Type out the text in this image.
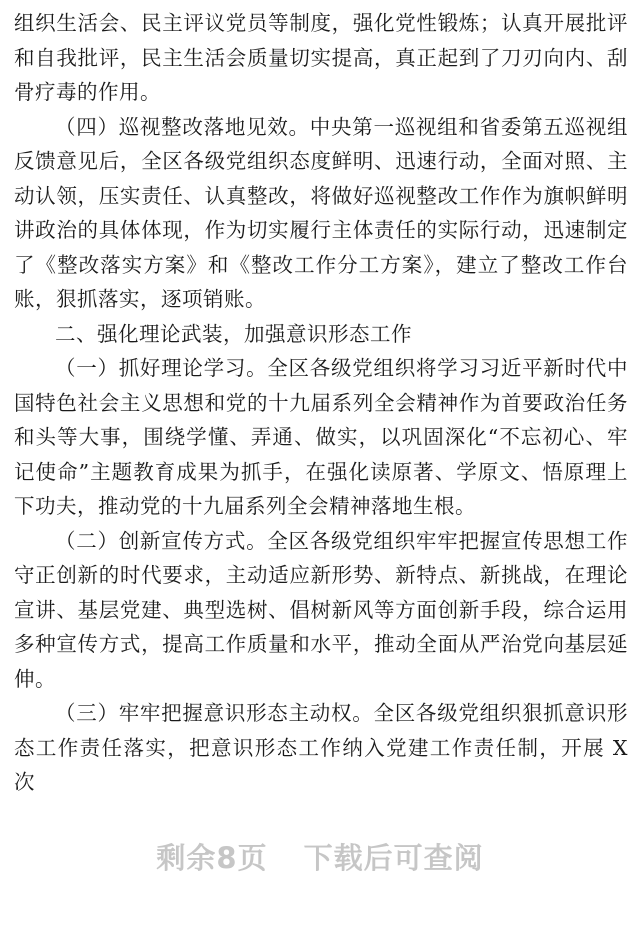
组织生活会、民主评议党员等制度，强化党性锻炼；认真开展批评和自我批评，民主生活会质量切实提高，真正起到了刀刃向内、刮骨疗毒的作用。

（四）巡视整改落地见效。中央第一巡视组和省委第五巡视组反馈意见后，全区各级党组织态度鲜明、迅速行动，全面对照、主动认领，压实责任、认真整改，将做好巡视整改工作作为旗帜鲜明讲政治的具体体现，作为切实履行主体责任的实际行动，迅速制定了《整改落实方案》和《整改工作分工方案》，建立了整改工作台账，狠抓落实，逐项销账。

二、强化理论武装，加强意识形态工作

（一）抓好理论学习。全区各级党组织将学习习近平新时代中国特色社会主义思想和党的十九届系列全会精神作为首要政治任务和头等大事，围绕学懂、弄通、做实，以巩固深化“不忘初心、牢记使命”主题教育成果为抓手，在强化读原著、学原文、悟原理上下功夫，推动党的十九届系列全会精神落地生根。

（二）创新宣传方式。全区各级党组织牢牢把握宣传思想工作守正创新的时代要求，主动适应新形势、新特点、新挑战，在理论宣讲、基层党建、典型选树、倡树新风等方面创新手段，综合运用多种宣传方式，提高工作质量和水平，推动全面从严治党向基层延伸。

（三）牢牢把握意识形态主动权。全区各级党组织狠抓意识形态工作责任落实，把意识形态工作纳入党建工作责任制，开展 X 次

剩余8页 下载后可查阅
